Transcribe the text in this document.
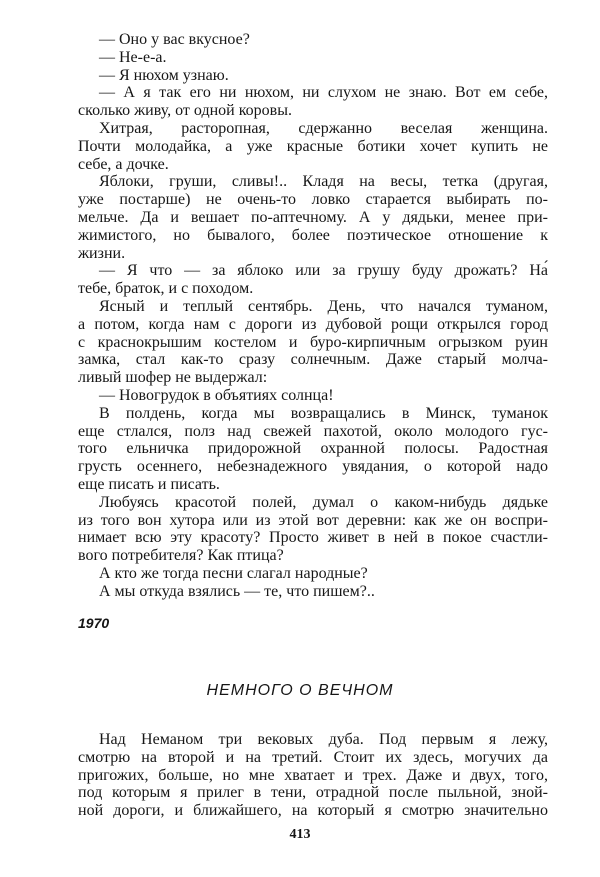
— Оно у вас вкусное?
— Не-е-а.
— Я нюхом узнаю.
— А я так его ни нюхом, ни слухом не знаю. Вот ем себе,
сколько живу, от одной коровы.
Хитрая, расторопная, сдержанно веселая женщина.
Почти молодайка, а уже красные ботики хочет купить не
себе, а дочке.
Яблоки, груши, сливы!.. Кладя на весы, тетка (другая,
уже постарше) не очень-то ловко старается выбирать по-
мельче. Да и вешает по-аптечному. А у дядьки, менее при-
жимистого, но бывалого, более поэтическое отношение к
жизни.
— Я что — за яблоко или за грушу буду дрожать? На́
тебе, браток, и с походом.
Ясный и теплый сентябрь. День, что начался туманом,
а потом, когда нам с дороги из дубовой рощи открылся город
с краснокрышим костелом и буро-кирпичным огрызком руин
замка, стал как-то сразу солнечным. Даже старый молча-
ливый шофер не выдержал:
— Новогрудок в объятиях солнца!
В полдень, когда мы возвращались в Минск, туманок
еще стлался, полз над свежей пахотой, около молодого гус-
того ельничка придорожной охранной полосы. Радостная
грусть осеннего, небезнадежного увядания, о которой надо
еще писать и писать.
Любуясь красотой полей, думал о каком-нибудь дядьке
из того вон хутора или из этой вот деревни: как же он воспри-
нимает всю эту красоту? Просто живет в ней в покое счастли-
вого потребителя? Как птица?
А кто же тогда песни слагал народные?
А мы откуда взялись — те, что пишем?..
1970
НЕМНОГО О ВЕЧНОМ
Над Неманом три вековых дуба. Под первым я лежу,
смотрю на второй и на третий. Стоит их здесь, могучих да
пригожих, больше, но мне хватает и трех. Даже и двух, того,
под которым я прилег в тени, отрадной после пыльной, зной-
ной дороги, и ближайшего, на который я смотрю значительно
413
